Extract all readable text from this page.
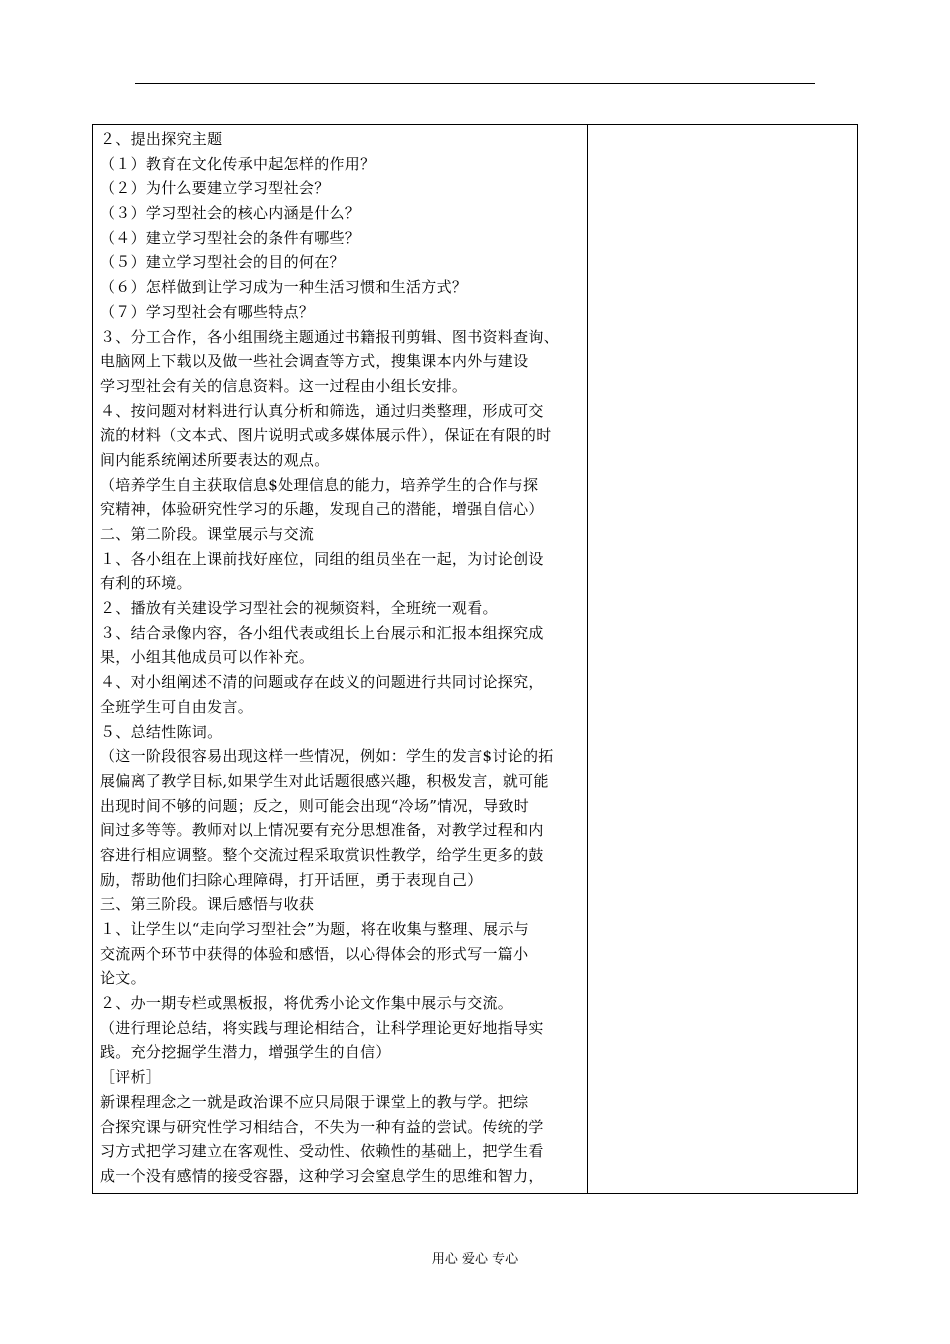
２、提出探究主题
（１）教育在文化传承中起怎样的作用？
（２）为什么要建立学习型社会？
（３）学习型社会的核心内涵是什么？
（４）建立学习型社会的条件有哪些？
（５）建立学习型社会的目的何在？
（６）怎样做到让学习成为一种生活习惯和生活方式？
（７）学习型社会有哪些特点？
３、分工合作，各小组围绕主题通过书籍报刊剪辑、图书资料查询、
电脑网上下载以及做一些社会调查等方式，搜集课本内外与建设
学习型社会有关的信息资料。这一过程由小组长安排。
４、按问题对材料进行认真分析和筛选，通过归类整理，形成可交
流的材料（文本式、图片说明式或多媒体展示件），保证在有限的时
间内能系统阐述所要表达的观点。
（培养学生自主获取信息$处理信息的能力，培养学生的合作与探
究精神，体验研究性学习的乐趣，发现自己的潜能，增强自信心）
二、第二阶段。课堂展示与交流
１、各小组在上课前找好座位，同组的组员坐在一起，为讨论创设
有利的环境。
２、播放有关建设学习型社会的视频资料，全班统一观看。
３、结合录像内容，各小组代表或组长上台展示和汇报本组探究成
果，小组其他成员可以作补充。
４、对小组阐述不清的问题或存在歧义的问题进行共同讨论探究，
全班学生可自由发言。
５、总结性陈词。
（这一阶段很容易出现这样一些情况，例如：学生的发言$讨论的拓
展偏离了教学目标,如果学生对此话题很感兴趣，积极发言，就可能
出现时间不够的问题；反之，则可能会出现“冷场”情况，导致时
间过多等等。教师对以上情况要有充分思想准备，对教学过程和内
容进行相应调整。整个交流过程采取赏识性教学，给学生更多的鼓
励，帮助他们扫除心理障碍，打开话匣，勇于表现自己）
三、第三阶段。课后感悟与收获
１、让学生以“走向学习型社会”为题，将在收集与整理、展示与
交流两个环节中获得的体验和感悟，以心得体会的形式写一篇小
论文。
２、办一期专栏或黑板报，将优秀小论文作集中展示与交流。
（进行理论总结，将实践与理论相结合，让科学理论更好地指导实
践。充分挖掘学生潜力，增强学生的自信）
［评析］
新课程理念之一就是政治课不应只局限于课堂上的教与学。把综
合探究课与研究性学习相结合，不失为一种有益的尝试。传统的学
习方式把学习建立在客观性、受动性、依赖性的基础上，把学生看
成一个没有感情的接受容器，这种学习会窒息学生的思维和智力，
用心 爱心 专心
